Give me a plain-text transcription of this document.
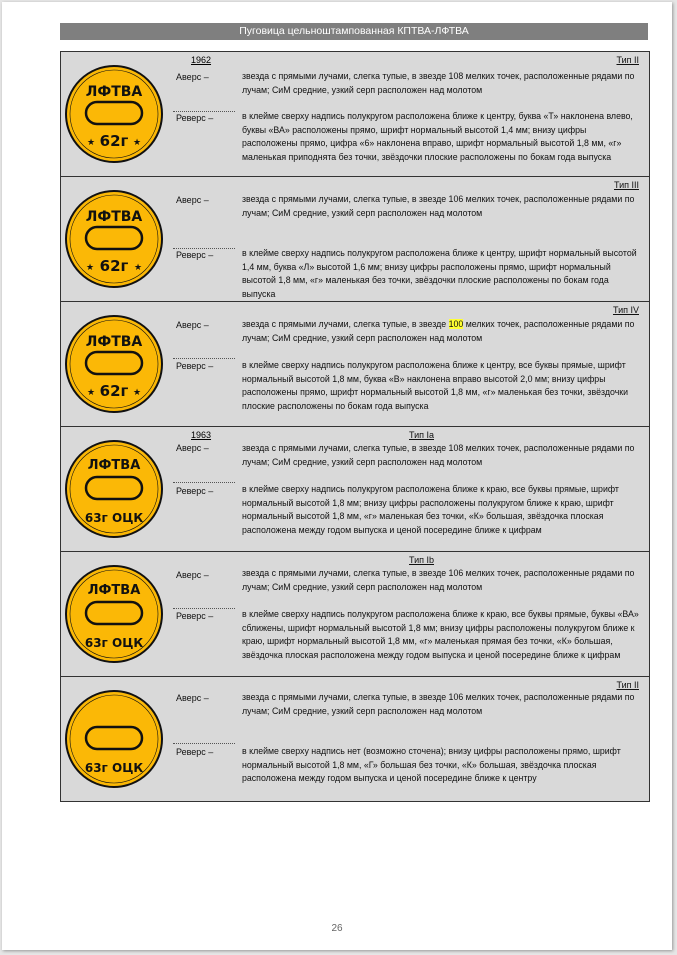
Пуговица цельноштампованная КПТВА-ЛФТВА
ЛФТВА
62г
★	★
1962	Тип II
Аверс –	звезда с прямыми лучами, слегка тупые, в звезде 108 мелких точек, расположенные рядами по лучам; СиМ средние, узкий серп расположен над молотом
Реверс –	в клейме сверху надпись полукругом расположена ближе к центру, буква «Т» наклонена влево, буквы «ВА» расположены прямо, шрифт нормальный высотой 1,4 мм; внизу цифры расположены прямо, цифра «6» наклонена вправо, шрифт нормальный высотой 1,8 мм, «г» маленькая приподнята без точки, звёздочки плоские расположены по бокам года выпуска
ЛФТВА
62г
★	★
Тип III
Аверс –	звезда с прямыми лучами, слегка тупые, в звезде 106 мелких точек, расположенные рядами по лучам; СиМ средние, узкий серп расположен над молотом
Реверс –	в клейме сверху надпись полукругом расположена ближе к центру, шрифт нормальный высотой 1,4 мм, буква «Л» высотой 1,6 мм; внизу цифры расположены прямо, шрифт нормальный высотой 1,8 мм, «г» маленькая без точки, звёздочки плоские расположены по бокам года выпуска
ЛФТВА
62г
★	★
Тип IV
Аверс –	звезда с прямыми лучами, слегка тупые, в звезде 100 мелких точек, расположенные рядами по лучам; СиМ средние, узкий серп расположен над молотом
Реверс –	в клейме сверху надпись полукругом расположена ближе к центру, все буквы прямые, шрифт нормальный высотой 1,8 мм, буква «В» наклонена вправо высотой 2,0 мм; внизу цифры расположены прямо, шрифт нормальный высотой 1,8 мм, «г» маленькая без точки, звёздочки плоские расположены по бокам года выпуска
ЛФТВА
63г ОЦК
1963	Тип Ia
Аверс –	звезда с прямыми лучами, слегка тупые, в звезде 108 мелких точек, расположенные рядами по лучам; СиМ средние, узкий серп расположен над молотом
Реверс –	в клейме сверху надпись полукругом расположена ближе к краю, все буквы прямые, шрифт нормальный высотой 1,8 мм; внизу цифры расположены полукругом ближе к краю, шрифт нормальный высотой 1,8 мм, «г» маленькая без точки, «К» большая, звёздочка плоская расположена между годом выпуска и ценой посередине ближе к цифрам
ЛФТВА
63г ОЦК
Тип Ib
Аверс –	звезда с прямыми лучами, слегка тупые, в звезде 106 мелких точек, расположенные рядами по лучам; СиМ средние, узкий серп расположен над молотом
Реверс –	в клейме сверху надпись полукругом расположена ближе к краю, все буквы прямые, буквы «ВА» сближены, шрифт нормальный высотой 1,8 мм; внизу цифры расположены полукругом ближе к краю, шрифт нормальный высотой 1,8 мм, «г» маленькая прямая без точки, «К» большая, звёздочка плоская расположена между годом выпуска и ценой посередине ближе к цифрам
63г ОЦК
Тип II
Аверс –	звезда с прямыми лучами, слегка тупые, в звезде 106 мелких точек, расположенные рядами по лучам; СиМ средние, узкий серп расположен над молотом
Реверс –	в клейме сверху надпись нет (возможно сточена); внизу цифры расположены прямо, шрифт нормальный высотой 1,8 мм, «Г» большая без точки, «К» большая, звёздочка плоская расположена между годом выпуска и ценой посередине ближе к центру
26
